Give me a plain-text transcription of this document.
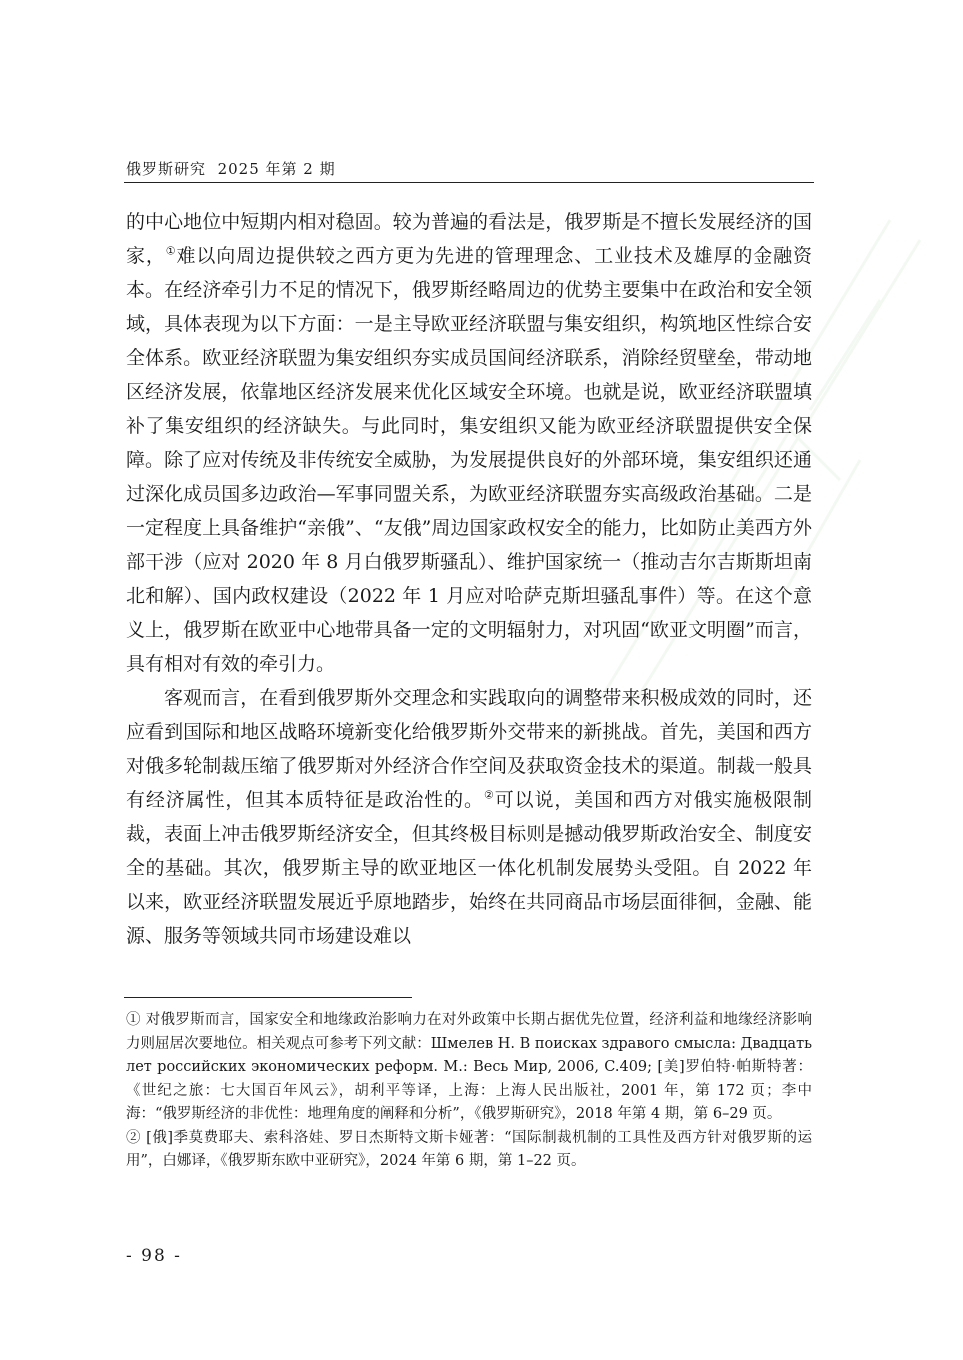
俄罗斯研究 2025 年第 2 期

的中心地位中短期内相对稳固。较为普遍的看法是，俄罗斯是不擅长发展经济的国家，①难以向周边提供较之西方更为先进的管理理念、工业技术及雄厚的金融资本。在经济牵引力不足的情况下，俄罗斯经略周边的优势主要集中在政治和安全领域，具体表现为以下方面：一是主导欧亚经济联盟与集安组织，构筑地区性综合安全体系。欧亚经济联盟为集安组织夯实成员国间经济联系，消除经贸壁垒，带动地区经济发展，依靠地区经济发展来优化区域安全环境。也就是说，欧亚经济联盟填补了集安组织的经济缺失。与此同时，集安组织又能为欧亚经济联盟提供安全保障。除了应对传统及非传统安全威胁，为发展提供良好的外部环境，集安组织还通过深化成员国多边政治—军事同盟关系，为欧亚经济联盟夯实高级政治基础。二是一定程度上具备维护“亲俄”、“友俄”周边国家政权安全的能力，比如防止美西方外部干涉（应对 2020 年 8 月白俄罗斯骚乱）、维护国家统一（推动吉尔吉斯斯坦南北和解）、国内政权建设（2022 年 1 月应对哈萨克斯坦骚乱事件）等。在这个意义上，俄罗斯在欧亚中心地带具备一定的文明辐射力，对巩固“欧亚文明圈”而言，具有相对有效的牵引力。

客观而言，在看到俄罗斯外交理念和实践取向的调整带来积极成效的同时，还应看到国际和地区战略环境新变化给俄罗斯外交带来的新挑战。首先，美国和西方对俄多轮制裁压缩了俄罗斯对外经济合作空间及获取资金技术的渠道。制裁一般具有经济属性，但其本质特征是政治性的。②可以说，美国和西方对俄实施极限制裁，表面上冲击俄罗斯经济安全，但其终极目标则是撼动俄罗斯政治安全、制度安全的基础。其次，俄罗斯主导的欧亚地区一体化机制发展势头受阻。自 2022 年以来，欧亚经济联盟发展近乎原地踏步，始终在共同商品市场层面徘徊，金融、能源、服务等领域共同市场建设难以

① 对俄罗斯而言，国家安全和地缘政治影响力在对外政策中长期占据优先位置，经济利益和地缘经济影响力则屈居次要地位。相关观点可参考下列文献：Шмелев Н. В поисках здравого смысла: Двадцать лет российских экономических реформ. М.: Весь Мир, 2006, C.409; [美]罗伯特·帕斯特著：《世纪之旅：七大国百年风云》，胡利平等译，上海：上海人民出版社，2001 年，第 172 页；李中海：“俄罗斯经济的非优性：地理角度的阐释和分析”，《俄罗斯研究》，2018 年第 4 期，第 6–29 页。

② [俄]季莫费耶夫、索科洛娃、罗日杰斯特文斯卡娅著：“国际制裁机制的工具性及西方针对俄罗斯的运用”，白娜译，《俄罗斯东欧中亚研究》，2024 年第 6 期，第 1–22 页。

- 98 -
